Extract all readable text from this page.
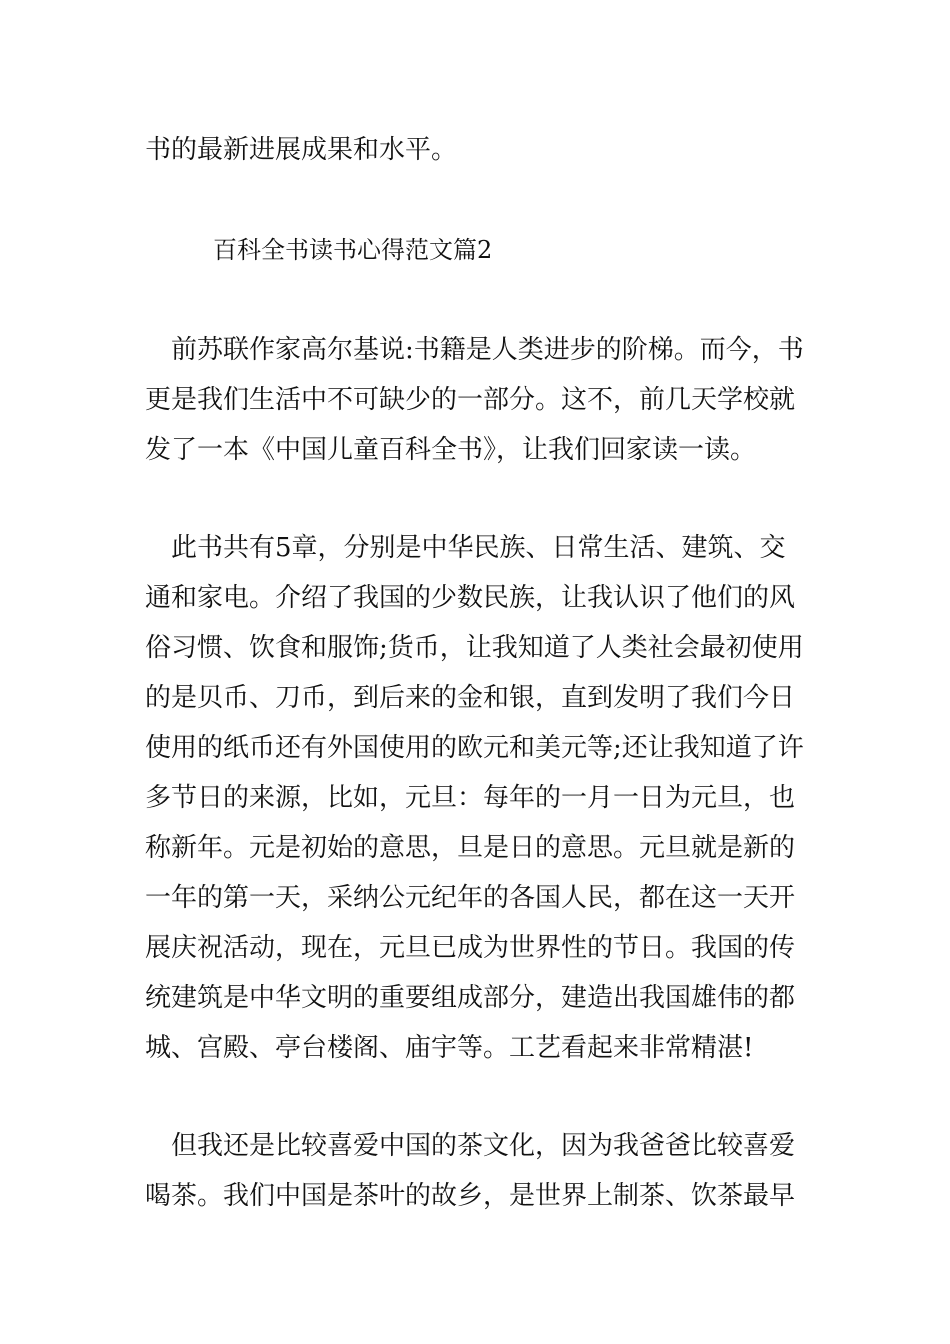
书的最新进展成果和水平。
百科全书读书心得范文篇2
　前苏联作家高尔基说:书籍是人类进步的阶梯。而今，书
更是我们生活中不可缺少的一部分。这不，前几天学校就
发了一本《中国儿童百科全书》，让我们回家读一读。
　此书共有5章，分别是中华民族、日常生活、建筑、交
通和家电。介绍了我国的少数民族，让我认识了他们的风
俗习惯、饮食和服饰;货币，让我知道了人类社会最初使用
的是贝币、刀币，到后来的金和银，直到发明了我们今日
使用的纸币还有外国使用的欧元和美元等;还让我知道了许
多节日的来源，比如，元旦：每年的一月一日为元旦，也
称新年。元是初始的意思，旦是日的意思。元旦就是新的
一年的第一天，采纳公元纪年的各国人民，都在这一天开
展庆祝活动，现在，元旦已成为世界性的节日。我国的传
统建筑是中华文明的重要组成部分，建造出我国雄伟的都
城、宫殿、亭台楼阁、庙宇等。工艺看起来非常精湛!
　但我还是比较喜爱中国的茶文化，因为我爸爸比较喜爱
喝茶。我们中国是茶叶的故乡，是世界上制茶、饮茶最早
